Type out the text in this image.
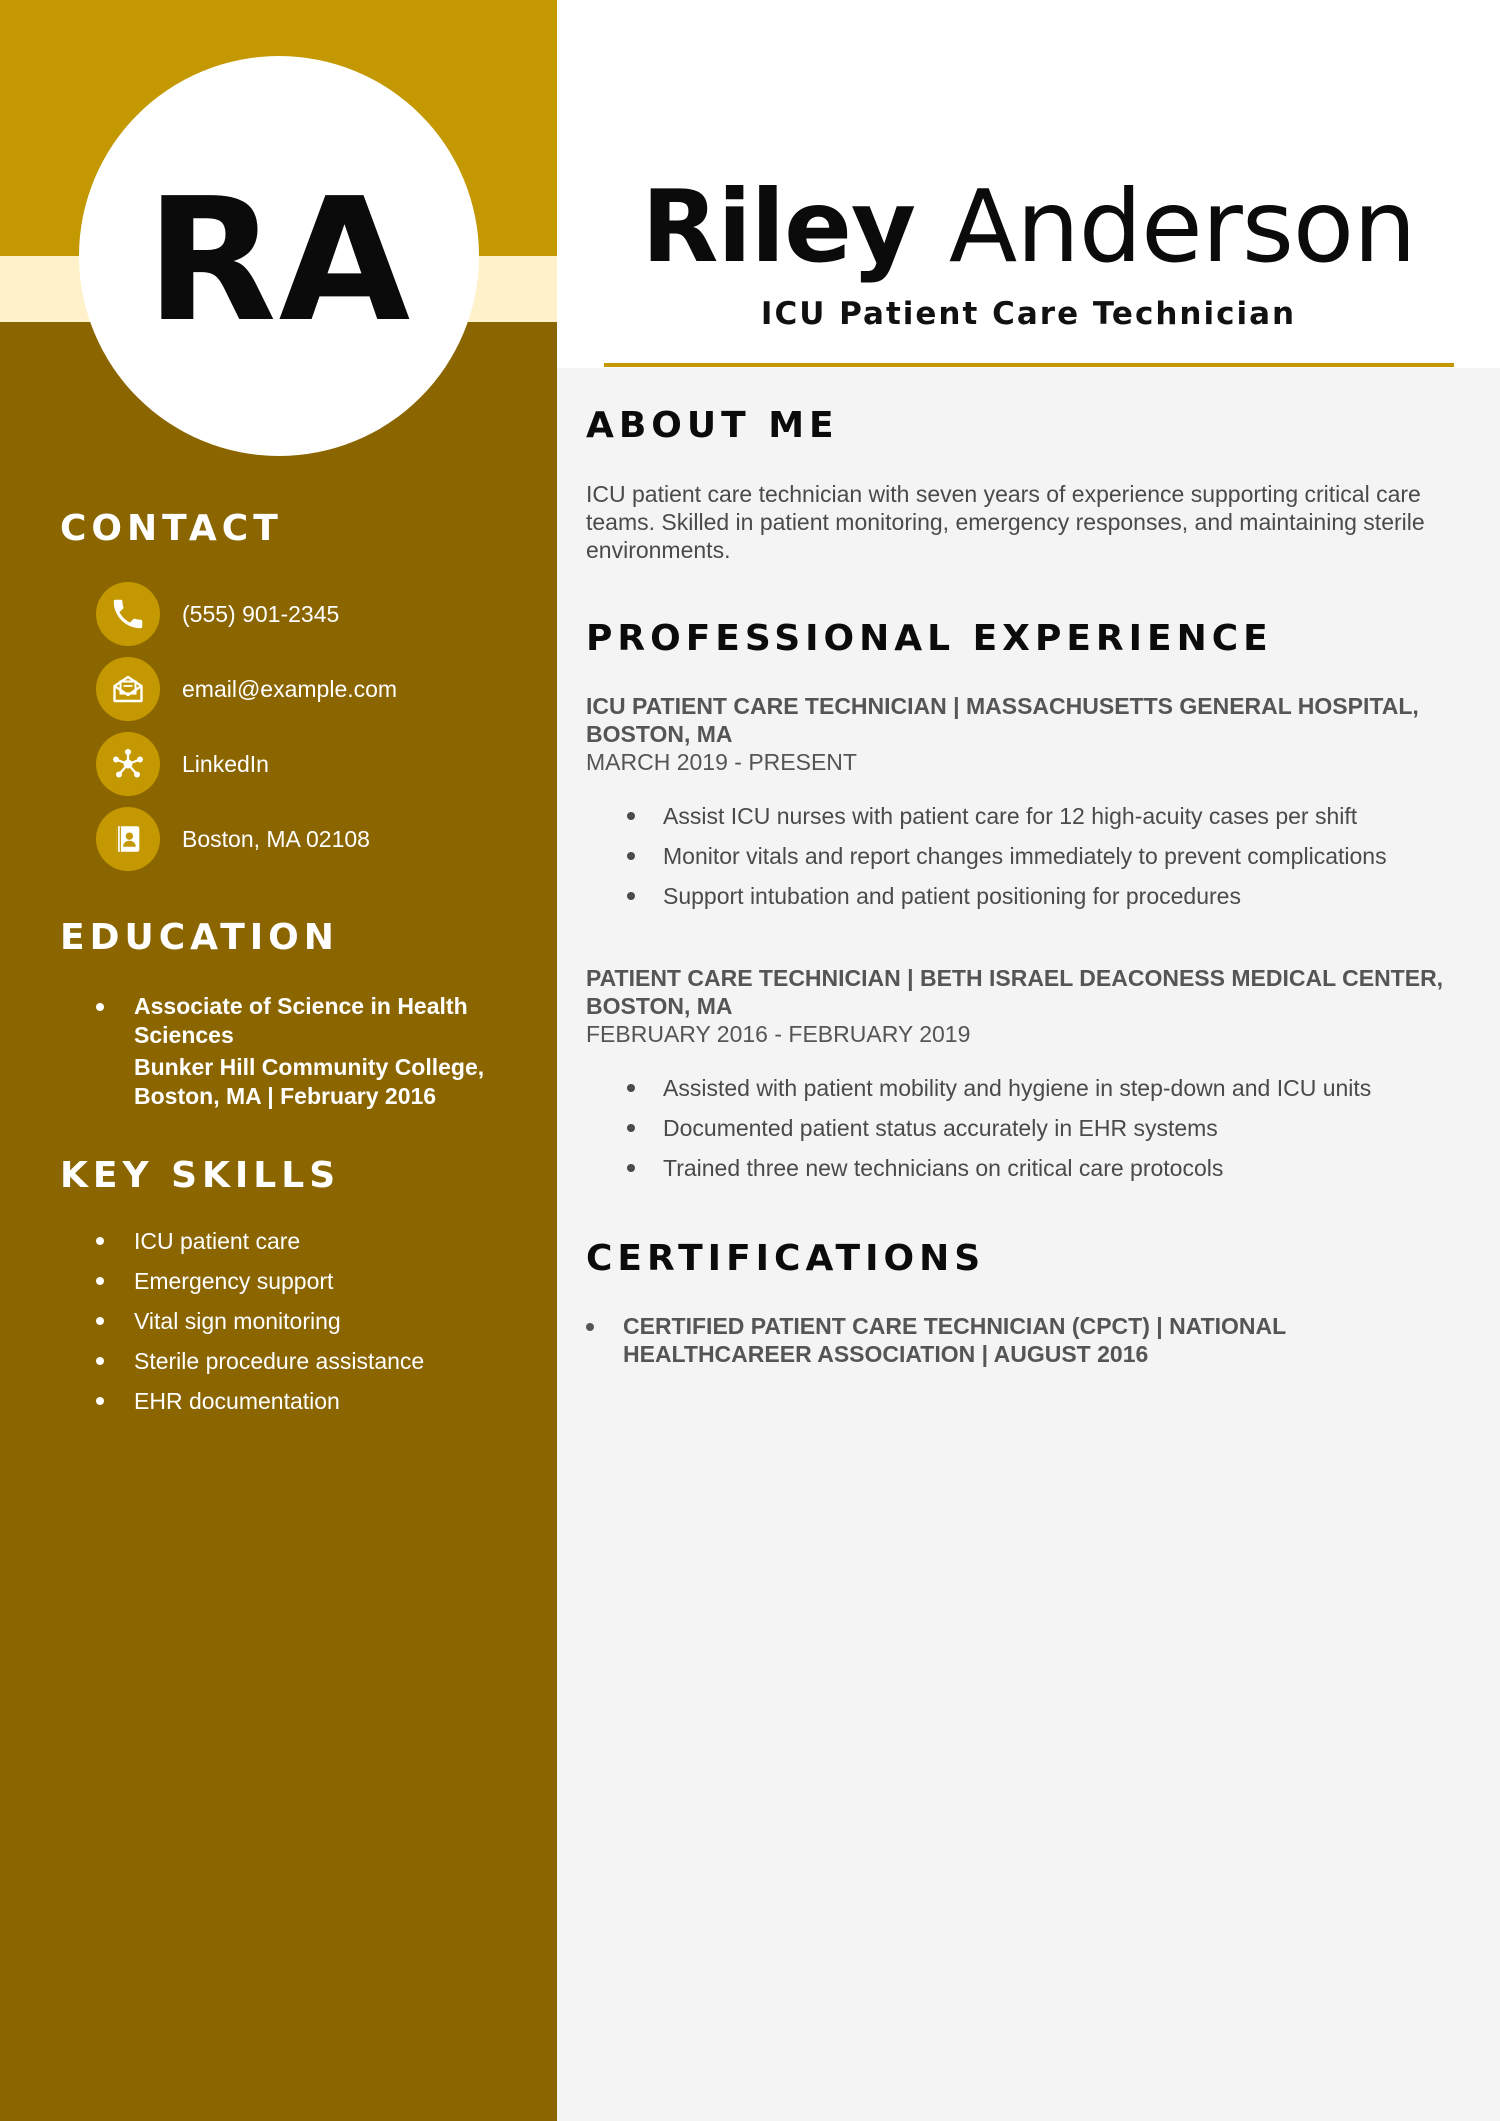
RA
CONTACT
(555) 901-2345
email@example.com
LinkedIn
Boston, MA 02108
EDUCATION
Associate of Science in Health Sciences
Bunker Hill Community College, Boston, MA | February 2016
KEY SKILLS
ICU patient care
Emergency support
Vital sign monitoring
Sterile procedure assistance
EHR documentation
Riley Anderson

ICU Patient Care Technician

ABOUT ME

ICU patient care technician with seven years of experience supporting critical care teams. Skilled in patient monitoring, emergency responses, and maintaining sterile environments.

PROFESSIONAL EXPERIENCE

ICU PATIENT CARE TECHNICIAN | MASSACHUSETTS GENERAL HOSPITAL, BOSTON, MA

MARCH 2019 - PRESENT

Assist ICU nurses with patient care for 12 high-acuity cases per shift
Monitor vitals and report changes immediately to prevent complications
Support intubation and patient positioning for procedures

PATIENT CARE TECHNICIAN | BETH ISRAEL DEACONESS MEDICAL CENTER, BOSTON, MA

FEBRUARY 2016 - FEBRUARY 2019

Assisted with patient mobility and hygiene in step-down and ICU units
Documented patient status accurately in EHR systems
Trained three new technicians on critical care protocols
CERTIFICATIONS
CERTIFIED PATIENT CARE TECHNICIAN (CPCT) | NATIONAL HEALTHCAREER ASSOCIATION | AUGUST 2016
